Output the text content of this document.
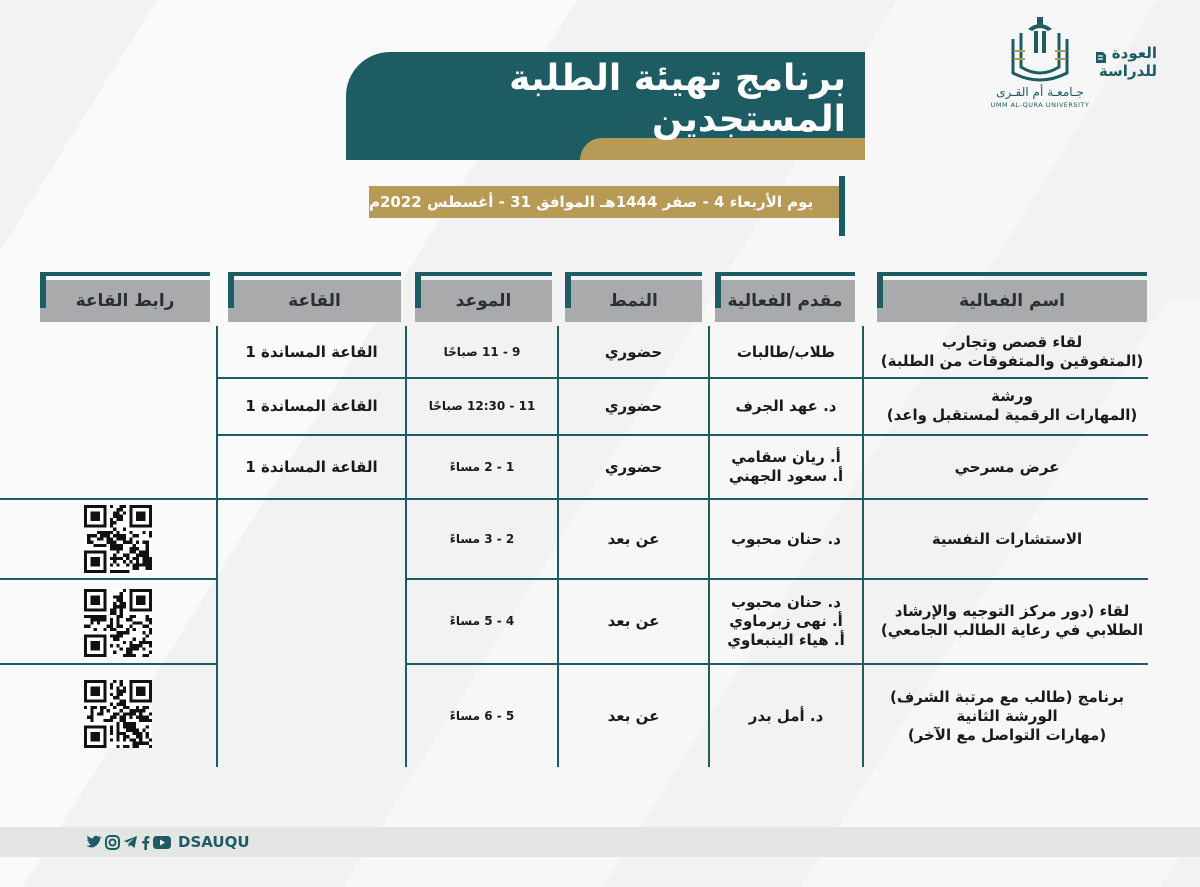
برنامج تهيئة الطلبة المستجدين
يوم الأربعاء 4 - صفر 1444هـ الموافق 31 - أغسطس 2022م
جـامعـة أم القـرى
UMM AL-QURA UNIVERSITY
العودة
للدراسة
اسم الفعالية
مقدم الفعالية
النمط
الموعد
القاعة
رابط القاعة
لقاء قصص وتجارب
(المتفوقين والمتفوقات من الطلبة)
طلاب/طالبات
حضوري
9 - 11 صباحًا
القاعة المساندة 1
ورشة
(المهارات الرقمية لمستقبل واعد)
د. عهد الجرف
حضوري
11 - 12:30 صباحًا
القاعة المساندة 1
عرض مسرحي
أ. ريان سقامي
أ. سعود الجهني
حضوري
1 - 2 مساءً
القاعة المساندة 1
الاستشارات النفسية
د. حنان محبوب
عن بعد
2 - 3 مساءً
لقاء (دور مركز التوجيه والإرشاد
الطلابي في رعاية الطالب الجامعي)
د. حنان محبوب
أ. نهى زبرماوي
أ. هياء الينبعاوي
عن بعد
4 - 5 مساءً
برنامج (طالب مع مرتبة الشرف)
الورشة الثانية
(مهارات التواصل مع الآخر)
د. أمل بدر
عن بعد
5 - 6 مساءً
DSAUQU
